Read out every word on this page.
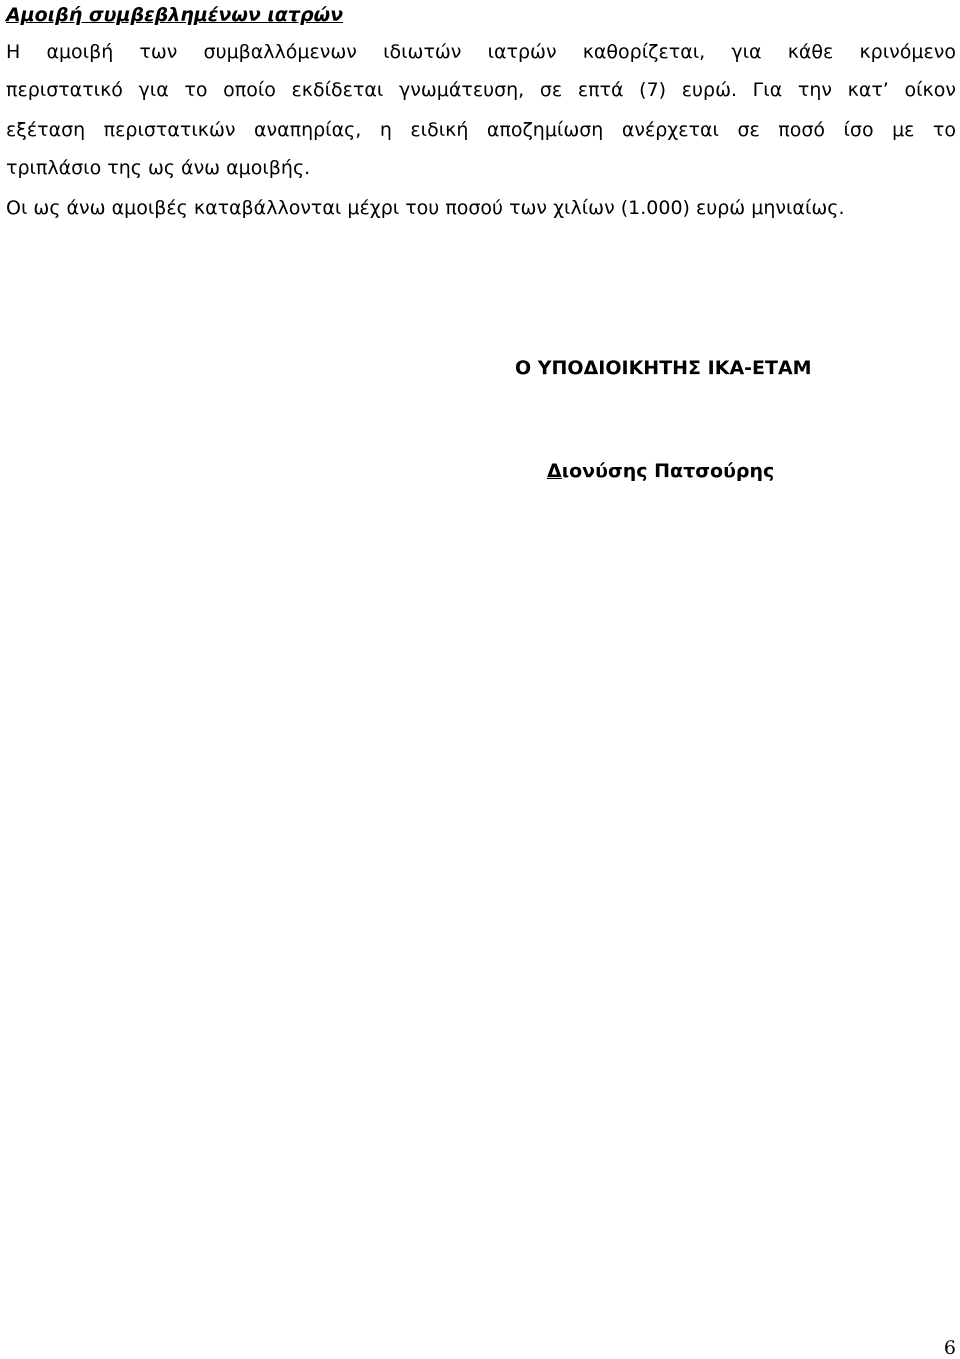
Αμοιβή συμβεβλημένων ιατρών
Η αμοιβή των συμβαλλόμενων ιδιωτών ιατρών καθορίζεται, για κάθε κρινόμενο
περιστατικό για το οποίο εκδίδεται γνωμάτευση, σε επτά (7) ευρώ. Για την κατ’ οίκον
εξέταση περιστατικών αναπηρίας, η ειδική αποζημίωση ανέρχεται σε ποσό ίσο με το
τριπλάσιο της ως άνω αμοιβής.
Οι ως άνω αμοιβές καταβάλλονται μέχρι του ποσού των χιλίων (1.000) ευρώ μηνιαίως.
Ο ΥΠΟΔΙΟΙΚΗΤΗΣ ΙΚΑ-ΕΤΑΜ
Διονύσης Πατσούρης
6
